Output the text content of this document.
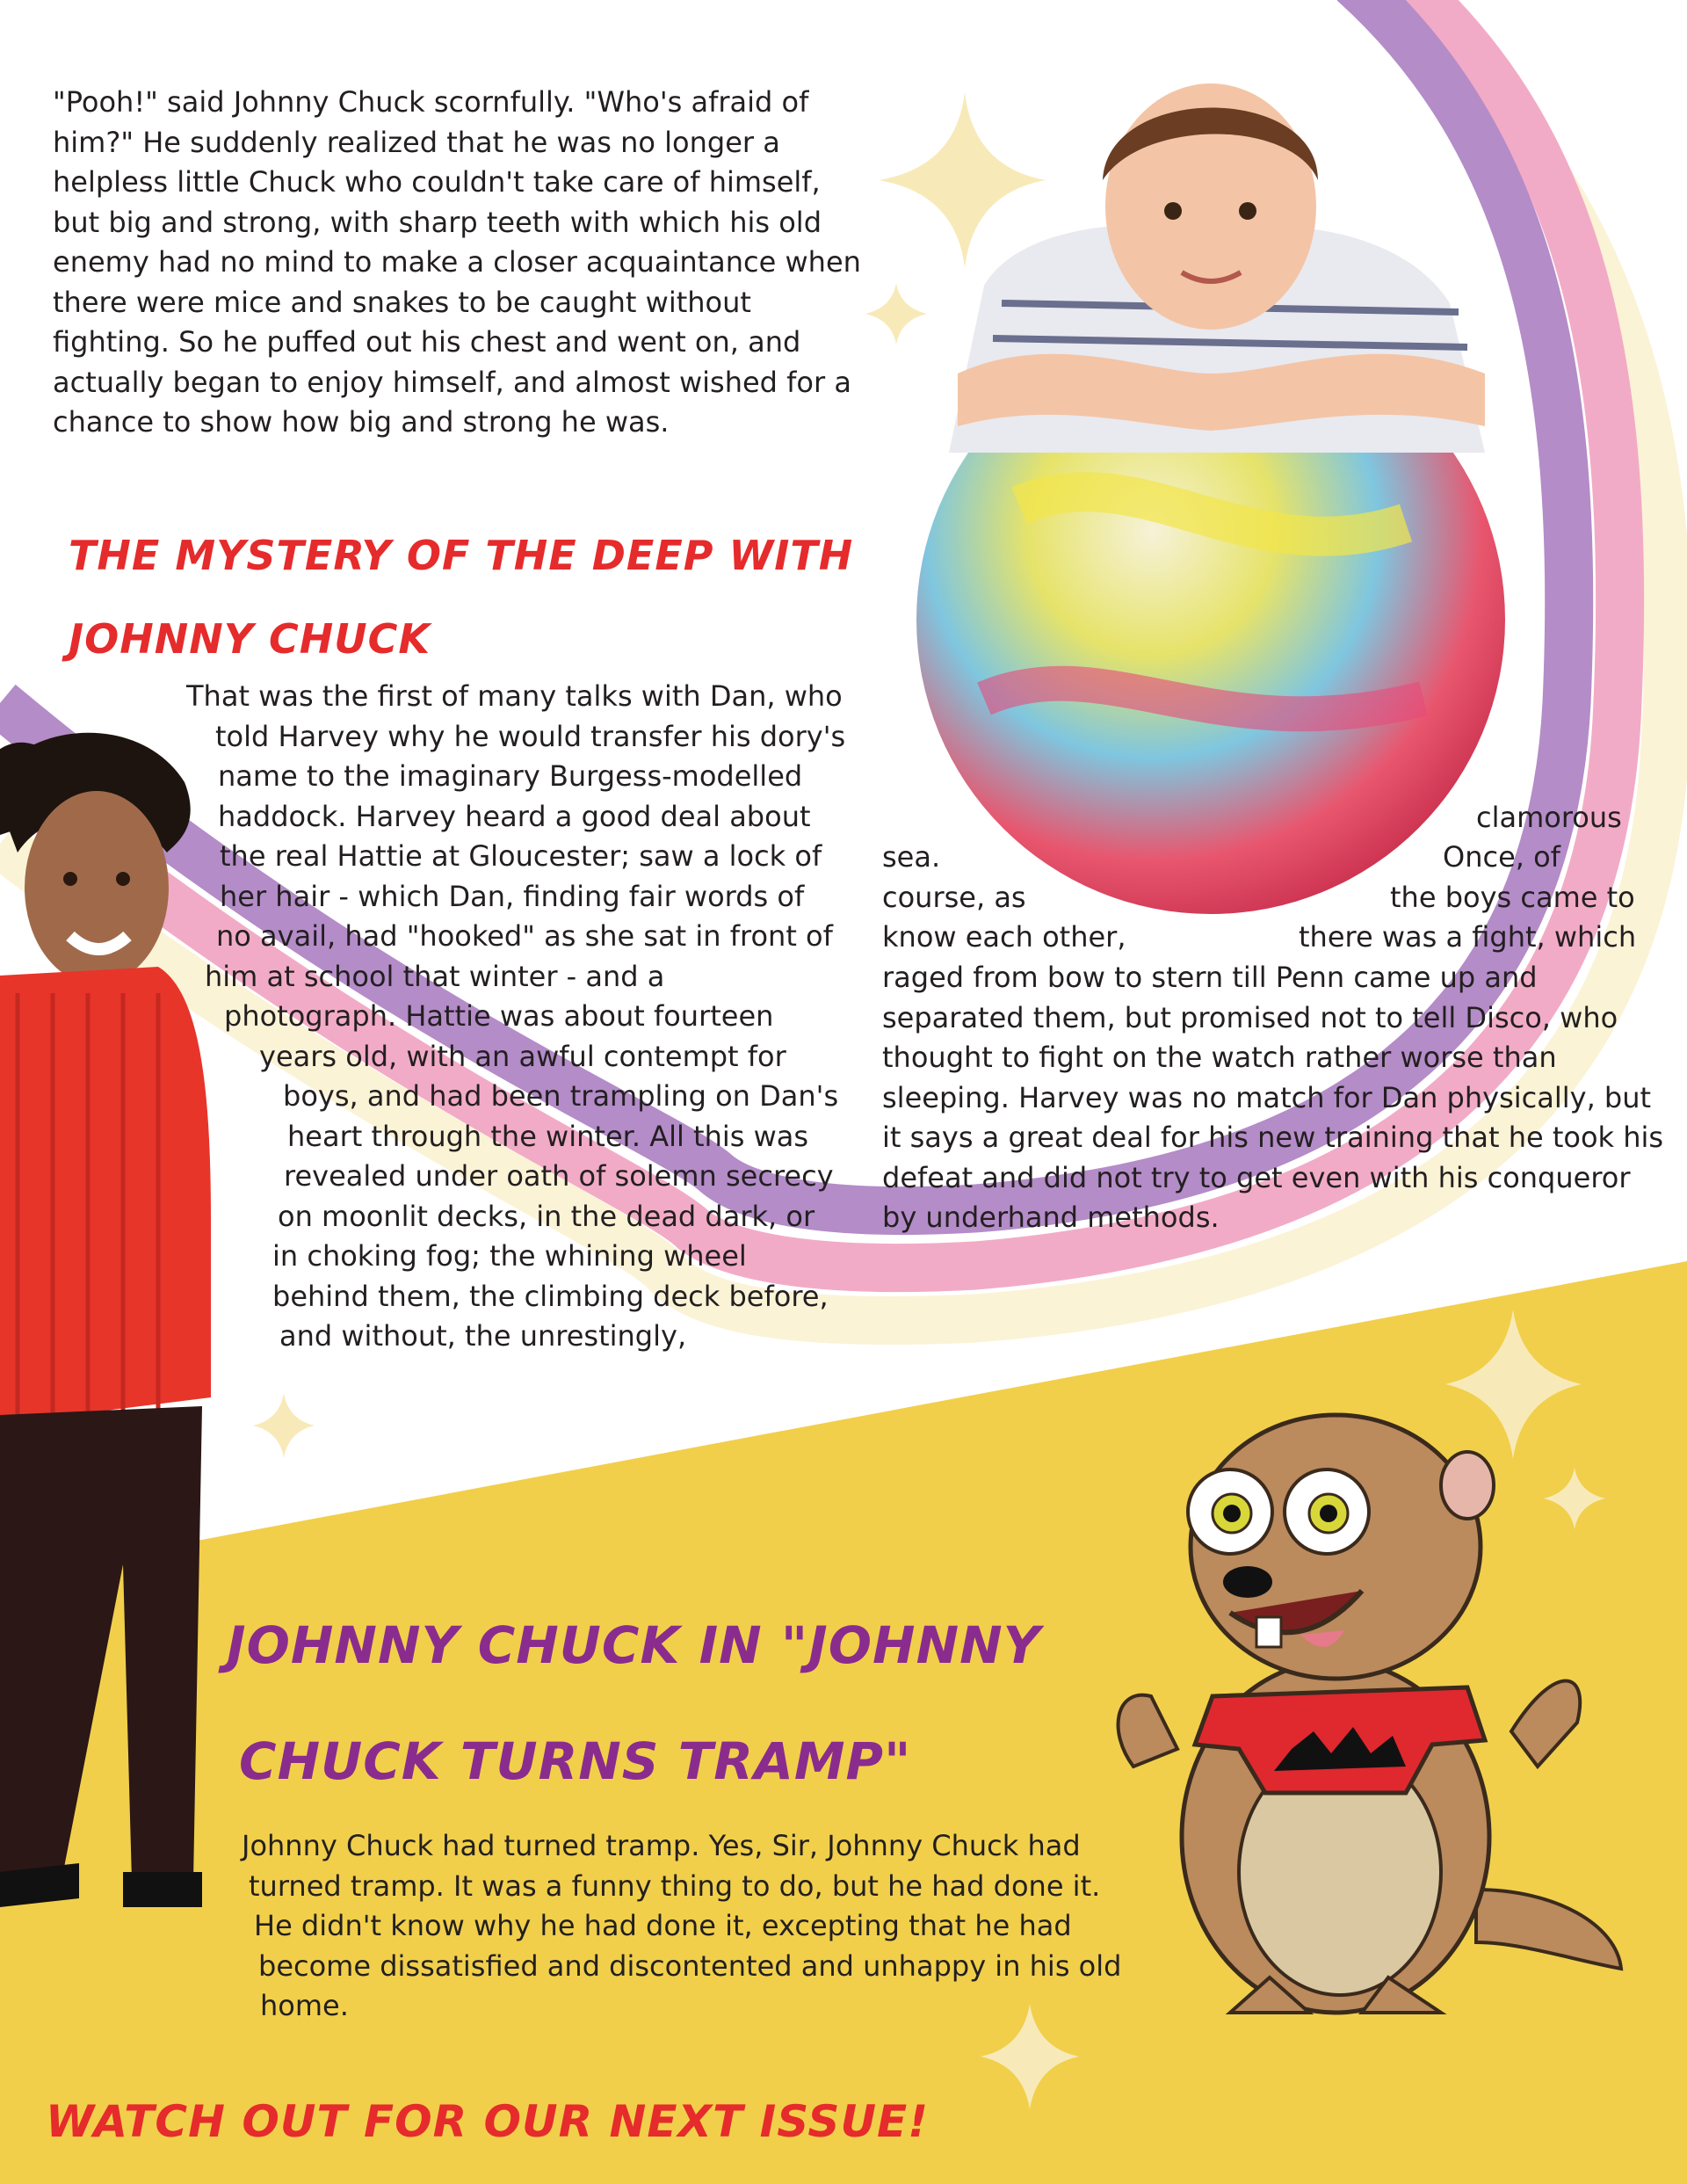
"Pooh!" said Johnny Chuck scornfully. "Who's afraid of
him?" He suddenly realized that he was no longer a
helpless little Chuck who couldn't take care of himself,
but big and strong, with sharp teeth with which his old
enemy had no mind to make a closer acquaintance when
there were mice and snakes to be caught without
fighting. So he puffed out his chest and went on, and
actually began to enjoy himself, and almost wished for a
chance to show how big and strong he was.
THE MYSTERY OF THE DEEP WITH
JOHNNY CHUCK
That was the first of many talks with Dan, who
told Harvey why he would transfer his dory's
name to the imaginary Burgess-modelled
haddock. Harvey heard a good deal about
the real Hattie at Gloucester; saw a lock of
her hair - which Dan, finding fair words of
no avail, had "hooked" as she sat in front of
him at school that winter - and a
photograph. Hattie was about fourteen
years old, with an awful contempt for
boys, and had been trampling on Dan's
heart through the winter. All this was
revealed under oath of solemn secrecy
on moonlit decks, in the dead dark, or
in choking fog; the whining wheel
behind them, the climbing deck before,
and without, the unrestingly,
clamorous
sea.	Once, of
course, as	the boys came to
know each other,	there was a fight, which
raged from bow to stern till Penn came up and
separated them, but promised not to tell Disco, who
thought to fight on the watch rather worse than
sleeping. Harvey was no match for Dan physically, but
it says a great deal for his new training that he took his
defeat and did not try to get even with his conqueror
by underhand methods.
JOHNNY CHUCK IN "JOHNNY
CHUCK TURNS TRAMP"
Johnny Chuck had turned tramp. Yes, Sir, Johnny Chuck had
turned tramp. It was a funny thing to do, but he had done it.
He didn't know why he had done it, excepting that he had
become dissatisfied and discontented and unhappy in his old
home.
WATCH OUT FOR OUR NEXT ISSUE!
